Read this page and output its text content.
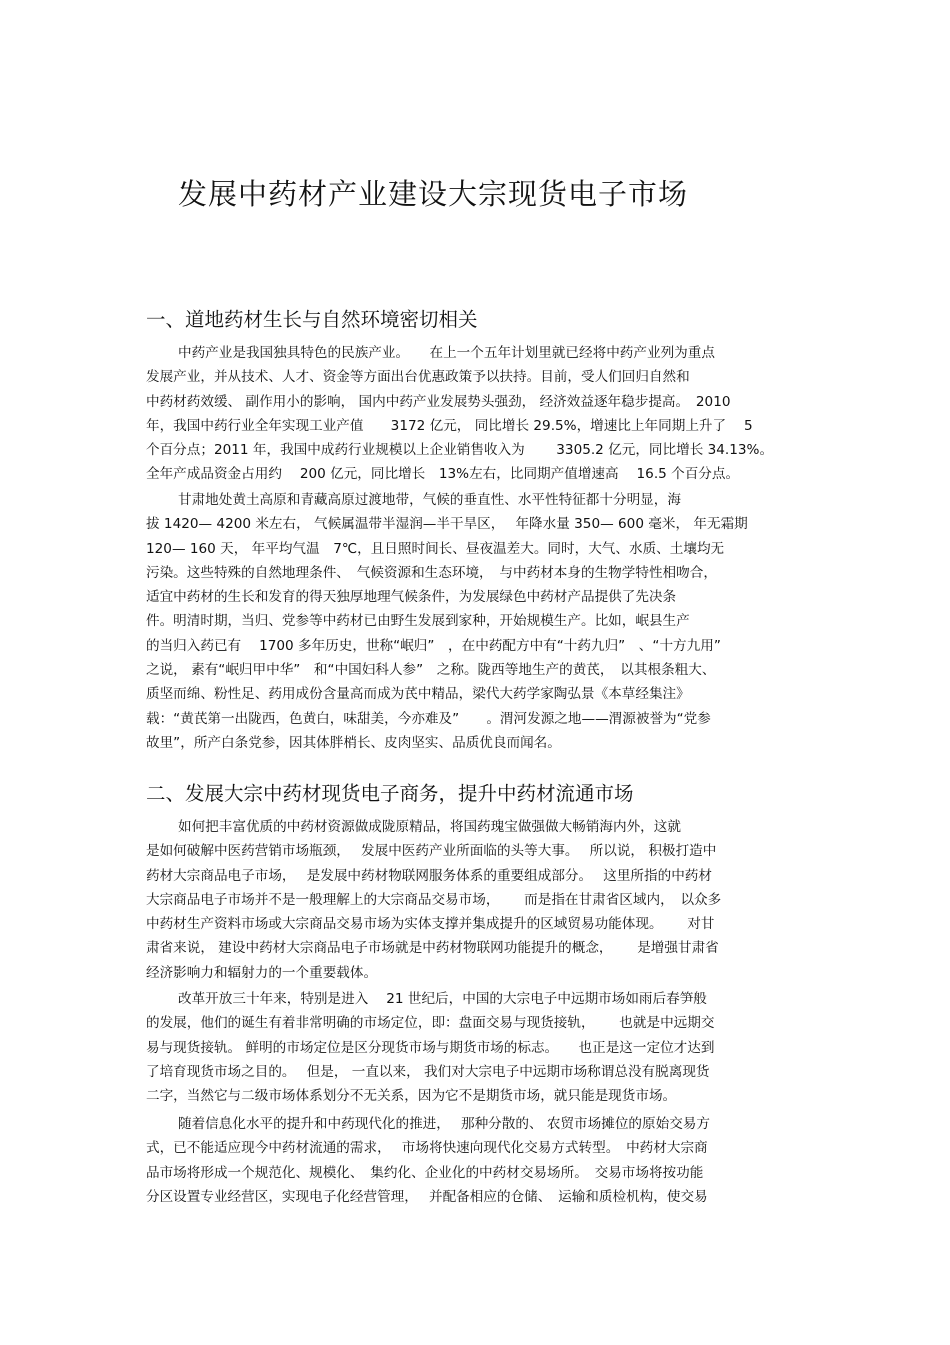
发展中药材产业建设大宗现货电子市场
一、道地药材生长与自然环境密切相关
中药产业是我国独具特色的民族产业。　　在上一个五年计划里就已经将中药产业列为重点
发展产业，并从技术、人才、资金等方面出台优惠政策予以扶持。目前，受人们回归自然和
中药材药效缓、 副作用小的影响， 国内中药产业发展势头强劲， 经济效益逐年稳步提高。　2010
年，我国中药行业全年实现工业产值　　3172 亿元， 同比增长 29.5%，增速比上年同期上升了　 5
个百分点；2011 年，我国中成药行业规模以上企业销售收入为　　 3305.2 亿元，同比增长 34.13%。
全年产成品资金占用约　 200 亿元，同比增长　13%左右，比同期产值增速高　 16.5 个百分点。
甘肃地处黄土高原和青藏高原过渡地带，气候的垂直性、水平性特征都十分明显，海
拔 1420— 4200 米左右， 气候属温带半湿润—半干旱区，　 年降水量 350— 600 毫米， 年无霜期
120— 160 天， 年平均气温　7℃，且日照时间长、昼夜温差大。同时，大气、水质、土壤均无
污染。这些特殊的自然地理条件、　气候资源和生态环境，　与中药材本身的生物学特性相吻合，
适宜中药材的生长和发育的得天独厚地理气候条件，为发展绿色中药材产品提供了先决条
件。明清时期，当归、党参等中药材已由野生发展到家种，开始规模生产。比如，岷县生产
的当归入药已有　 1700 多年历史，世称“岷归”　，在中药配方中有“十药九归”　、“十方九用”
之说， 素有“岷归甲中华”　和“中国妇科人参”　之称。陇西等地生产的黄芪，　以其根条粗大、
质坚而绵、粉性足、药用成份含量高而成为芪中精品，梁代大药学家陶弘景《本草经集注》
载：“黄芪第一出陇西，色黄白，味甜美，今亦难及”　　。渭河发源之地——渭源被誉为“党参
故里”，所产白条党参，因其体胖梢长、皮肉坚实、品质优良而闻名。
二、发展大宗中药材现货电子商务，提升中药材流通市场
如何把丰富优质的中药材资源做成陇原精品，将国药瑰宝做强做大畅销海内外，这就
是如何破解中医药营销市场瓶颈，　 发展中医药产业所面临的头等大事。　 所以说， 积极打造中
药材大宗商品电子市场，　 是发展中药材物联网服务体系的重要组成部分。　 这里所指的中药材
大宗商品电子市场并不是一般理解上的大宗商品交易市场，　　 而是指在甘肃省区域内，　以众多
中药材生产资料市场或大宗商品交易市场为实体支撑并集成提升的区域贸易功能体现。　　 对甘
肃省来说， 建设中药材大宗商品电子市场就是中药材物联网功能提升的概念，　　 是增强甘肃省
经济影响力和辐射力的一个重要载体。
改革开放三十年来，特别是进入　 21 世纪后，中国的大宗电子中远期市场如雨后春笋般
的发展，他们的诞生有着非常明确的市场定位，即：盘面交易与现货接轨，　　 也就是中远期交
易与现货接轨。 鲜明的市场定位是区分现货市场与期货市场的标志。　　也正是这一定位才达到
了培育现货市场之目的。　 但是， 一直以来， 我们对大宗电子中远期市场称谓总没有脱离现货
二字，当然它与二级市场体系划分不无关系，因为它不是期货市场，就只能是现货市场。
随着信息化水平的提升和中药现代化的推进，　 那种分散的、 农贸市场摊位的原始交易方
式，已不能适应现今中药材流通的需求，　 市场将快速向现代化交易方式转型。　中药材大宗商
品市场将形成一个规范化、规模化、　集约化、企业化的中药材交易场所。　交易市场将按功能
分区设置专业经营区，实现电子化经营管理，　 并配备相应的仓储、　运输和质检机构，使交易
